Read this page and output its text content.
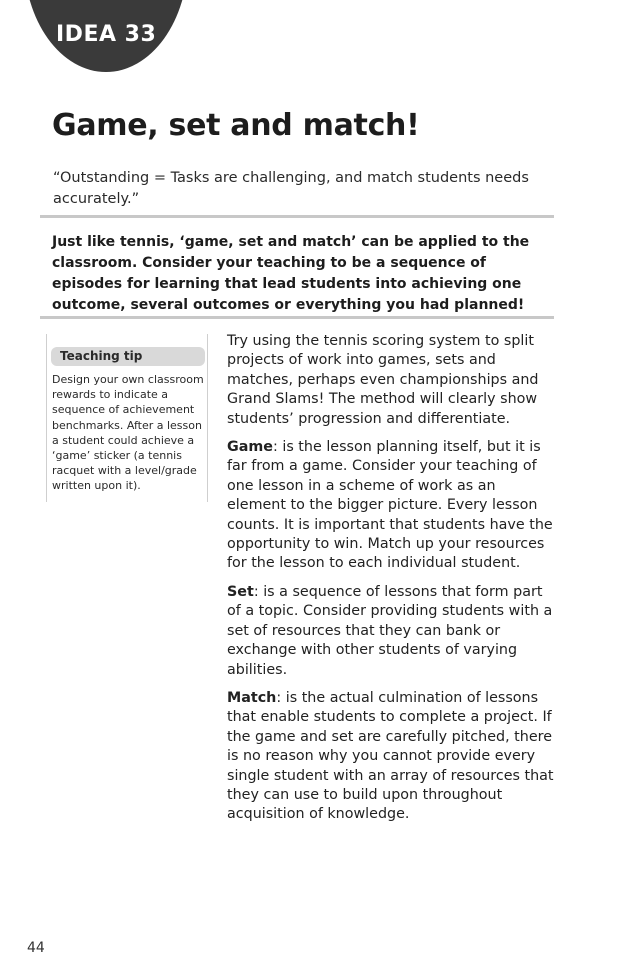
IDEA 33
Game, set and match!

“Outstanding = Tasks are challenging, and match students needs accurately.”

Just like tennis, ‘game, set and match’ can be applied to the classroom. Consider your teaching to be a sequence of episodes for learning that lead students into achieving one outcome, several outcomes or everything you had planned!

Teaching tip

Design your own classroom rewards to indicate a sequence of achievement benchmarks. After a lesson a student could achieve a ‘game’ sticker (a tennis racquet with a level/grade written upon it).

Try using the tennis scoring system to split projects of work into games, sets and matches, perhaps even championships and Grand Slams! The method will clearly show students’ progression and differentiate.

Game: is the lesson planning itself, but it is far from a game. Consider your teaching of one lesson in a scheme of work as an element to the bigger picture. Every lesson counts. It is important that students have the opportunity to win. Match up your resources for the lesson to each individual student.

Set: is a sequence of lessons that form part of a topic. Consider providing students with a set of resources that they can bank or exchange with other students of varying abilities.

Match: is the actual culmination of lessons that enable students to complete a project. If the game and set are carefully pitched, there is no reason why you cannot provide every single student with an array of resources that they can use to build upon throughout acquisition of knowledge.

44
